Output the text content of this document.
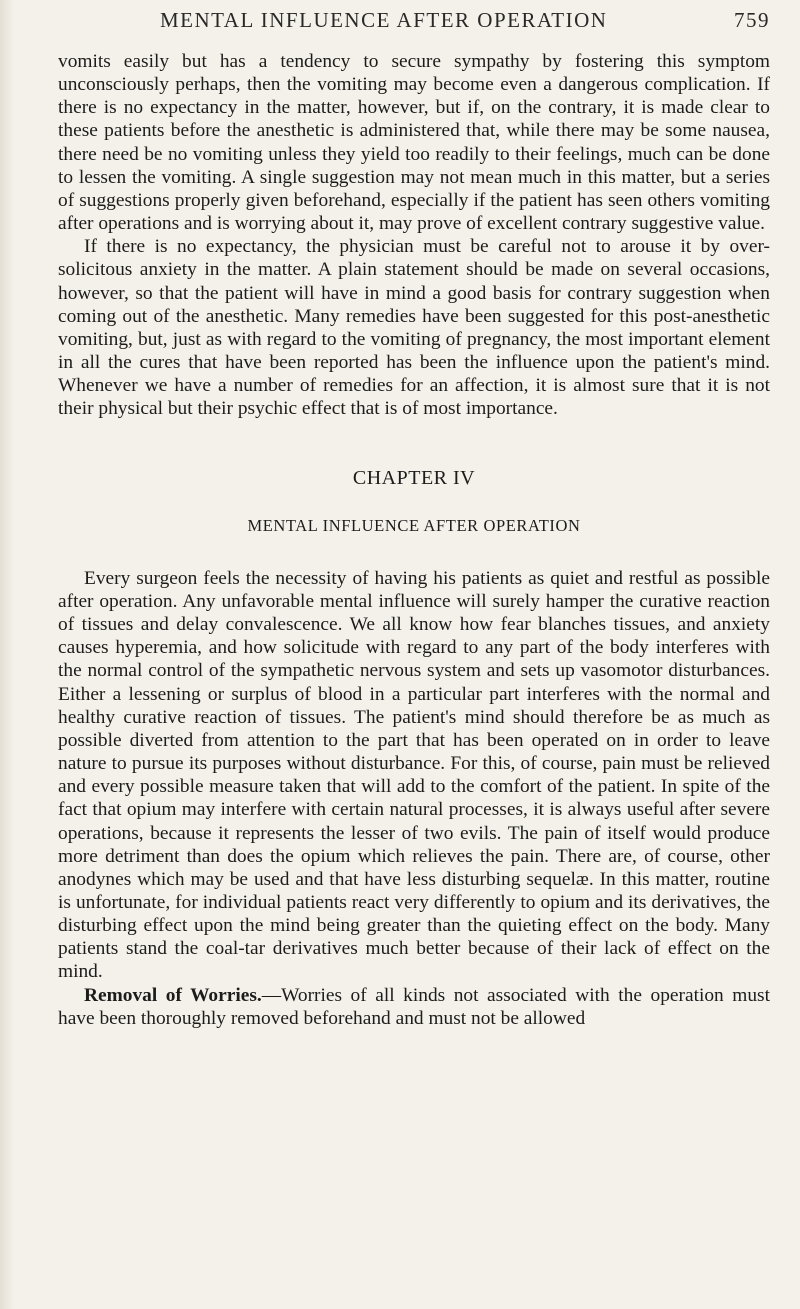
MENTAL INFLUENCE AFTER OPERATION	759

vomits easily but has a tendency to secure sympathy by fostering this symptom unconsciously perhaps, then the vomiting may become even a dangerous complication. If there is no expectancy in the matter, however, but if, on the contrary, it is made clear to these patients before the anesthetic is administered that, while there may be some nausea, there need be no vomiting unless they yield too readily to their feelings, much can be done to lessen the vomiting. A single suggestion may not mean much in this matter, but a series of suggestions properly given beforehand, especially if the patient has seen others vomiting after operations and is worrying about it, may prove of excellent contrary suggestive value.

If there is no expectancy, the physician must be careful not to arouse it by over-solicitous anxiety in the matter. A plain statement should be made on several occasions, however, so that the patient will have in mind a good basis for contrary suggestion when coming out of the anesthetic. Many remedies have been suggested for this post-anesthetic vomiting, but, just as with regard to the vomiting of pregnancy, the most important element in all the cures that have been reported has been the influence upon the patient's mind. Whenever we have a number of remedies for an affection, it is almost sure that it is not their physical but their psychic effect that is of most importance.

CHAPTER IV
MENTAL INFLUENCE AFTER OPERATION

Every surgeon feels the necessity of having his patients as quiet and restful as possible after operation. Any unfavorable mental influence will surely hamper the curative reaction of tissues and delay convalescence. We all know how fear blanches tissues, and anxiety causes hyperemia, and how solicitude with regard to any part of the body interferes with the normal control of the sympathetic nervous system and sets up vasomotor disturbances. Either a lessening or surplus of blood in a particular part interferes with the normal and healthy curative reaction of tissues. The patient's mind should therefore be as much as possible diverted from attention to the part that has been operated on in order to leave nature to pursue its purposes without disturbance. For this, of course, pain must be relieved and every possible measure taken that will add to the comfort of the patient. In spite of the fact that opium may interfere with certain natural processes, it is always useful after severe operations, because it represents the lesser of two evils. The pain of itself would produce more detriment than does the opium which relieves the pain. There are, of course, other anodynes which may be used and that have less disturbing sequelæ. In this matter, routine is unfortunate, for individual patients react very differently to opium and its derivatives, the disturbing effect upon the mind being greater than the quieting effect on the body. Many patients stand the coal-tar derivatives much better because of their lack of effect on the mind.

Removal of Worries.—Worries of all kinds not associated with the operation must have been thoroughly removed beforehand and must not be allowed
